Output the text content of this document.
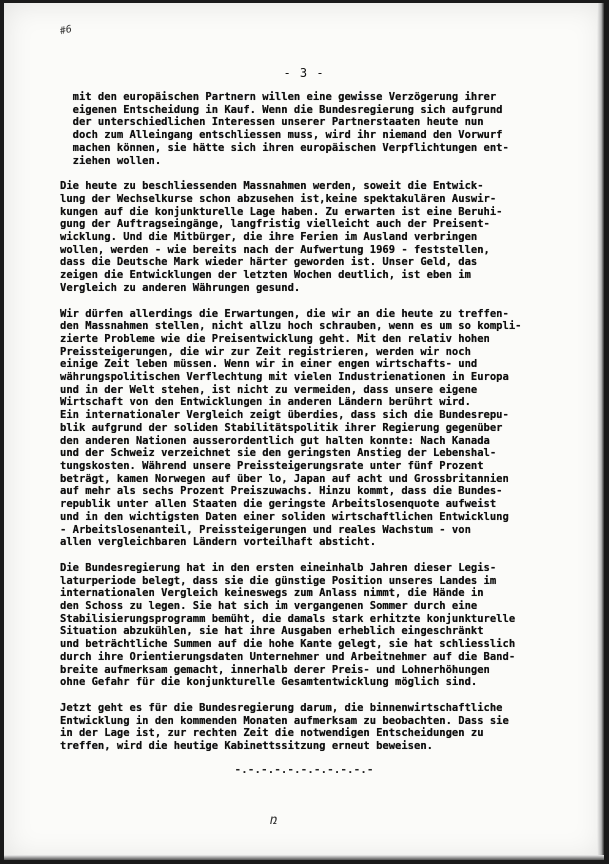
#6
- 3 -

mit den europäischen Partnern willen eine gewisse Verzögerung ihrer
eigenen Entscheidung in Kauf. Wenn die Bundesregierung sich aufgrund
der unterschiedlichen Interessen unserer Partnerstaaten heute nun
doch zum Alleingang entschliessen muss, wird ihr niemand den Vorwurf
machen können, sie hätte sich ihren europäischen Verpflichtungen ent-
ziehen wollen.

Die heute zu beschliessenden Massnahmen werden, soweit die Entwick-
lung der Wechselkurse schon abzusehen ist,keine spektakulären Auswir-
kungen auf die konjunkturelle Lage haben. Zu erwarten ist eine Beruhi-
gung der Auftragseingänge, langfristig vielleicht auch der Preisent-
wicklung. Und die Mitbürger, die ihre Ferien im Ausland verbringen
wollen, werden - wie bereits nach der Aufwertung 1969 - feststellen,
dass die Deutsche Mark wieder härter geworden ist. Unser Geld, das
zeigen die Entwicklungen der letzten Wochen deutlich, ist eben im
Vergleich zu anderen Währungen gesund.

Wir dürfen allerdings die Erwartungen, die wir an die heute zu treffen-
den Massnahmen stellen, nicht allzu hoch schrauben, wenn es um so kompli-
zierte Probleme wie die Preisentwicklung geht. Mit den relativ hohen
Preissteigerungen, die wir zur Zeit registrieren, werden wir noch
einige Zeit leben müssen. Wenn wir in einer engen wirtschafts- und
währungspolitischen Verflechtung mit vielen Industrienationen in Europa
und in der Welt stehen, ist nicht zu vermeiden, dass unsere eigene
Wirtschaft von den Entwicklungen in anderen Ländern berührt wird.
Ein internationaler Vergleich zeigt überdies, dass sich die Bundesrepu-
blik aufgrund der soliden Stabilitätspolitik ihrer Regierung gegenüber
den anderen Nationen ausserordentlich gut halten konnte: Nach Kanada
und der Schweiz verzeichnet sie den geringsten Anstieg der Lebenshal-
tungskosten. Während unsere Preissteigerungsrate unter fünf Prozent
beträgt, kamen Norwegen auf über lo, Japan auf acht und Grossbritannien
auf mehr als sechs Prozent Preiszuwachs. Hinzu kommt, dass die Bundes-
republik unter allen Staaten die geringste Arbeitslosenquote aufweist
und in den wichtigsten Daten einer soliden wirtschaftlichen Entwicklung
- Arbeitslosenanteil, Preissteigerungen und reales Wachstum - von
allen vergleichbaren Ländern vorteilhaft absticht.

Die Bundesregierung hat in den ersten eineinhalb Jahren dieser Legis-
laturperiode belegt, dass sie die günstige Position unseres Landes im
internationalen Vergleich keineswegs zum Anlass nimmt, die Hände in
den Schoss zu legen. Sie hat sich im vergangenen Sommer durch eine
Stabilisierungsprogramm bemüht, die damals stark erhitzte konjunkturelle
Situation abzukühlen, sie hat ihre Ausgaben erheblich eingeschränkt
und beträchtliche Summen auf die hohe Kante gelegt, sie hat schliesslich
durch ihre Orientierungsdaten Unternehmer und Arbeitnehmer auf die Band-
breite aufmerksam gemacht, innerhalb derer Preis- und Lohnerhöhungen
ohne Gefahr für die konjunkturelle Gesamtentwicklung möglich sind.

Jetzt geht es für die Bundesregierung darum, die binnenwirtschaftliche
Entwicklung in den kommenden Monaten aufmerksam zu beobachten. Dass sie
in der Lage ist, zur rechten Zeit die notwendigen Entscheidungen zu
treffen, wird die heutige Kabinettssitzung erneut beweisen.

-.-.-.-.-.-.-.-.-.-.-
ռ
